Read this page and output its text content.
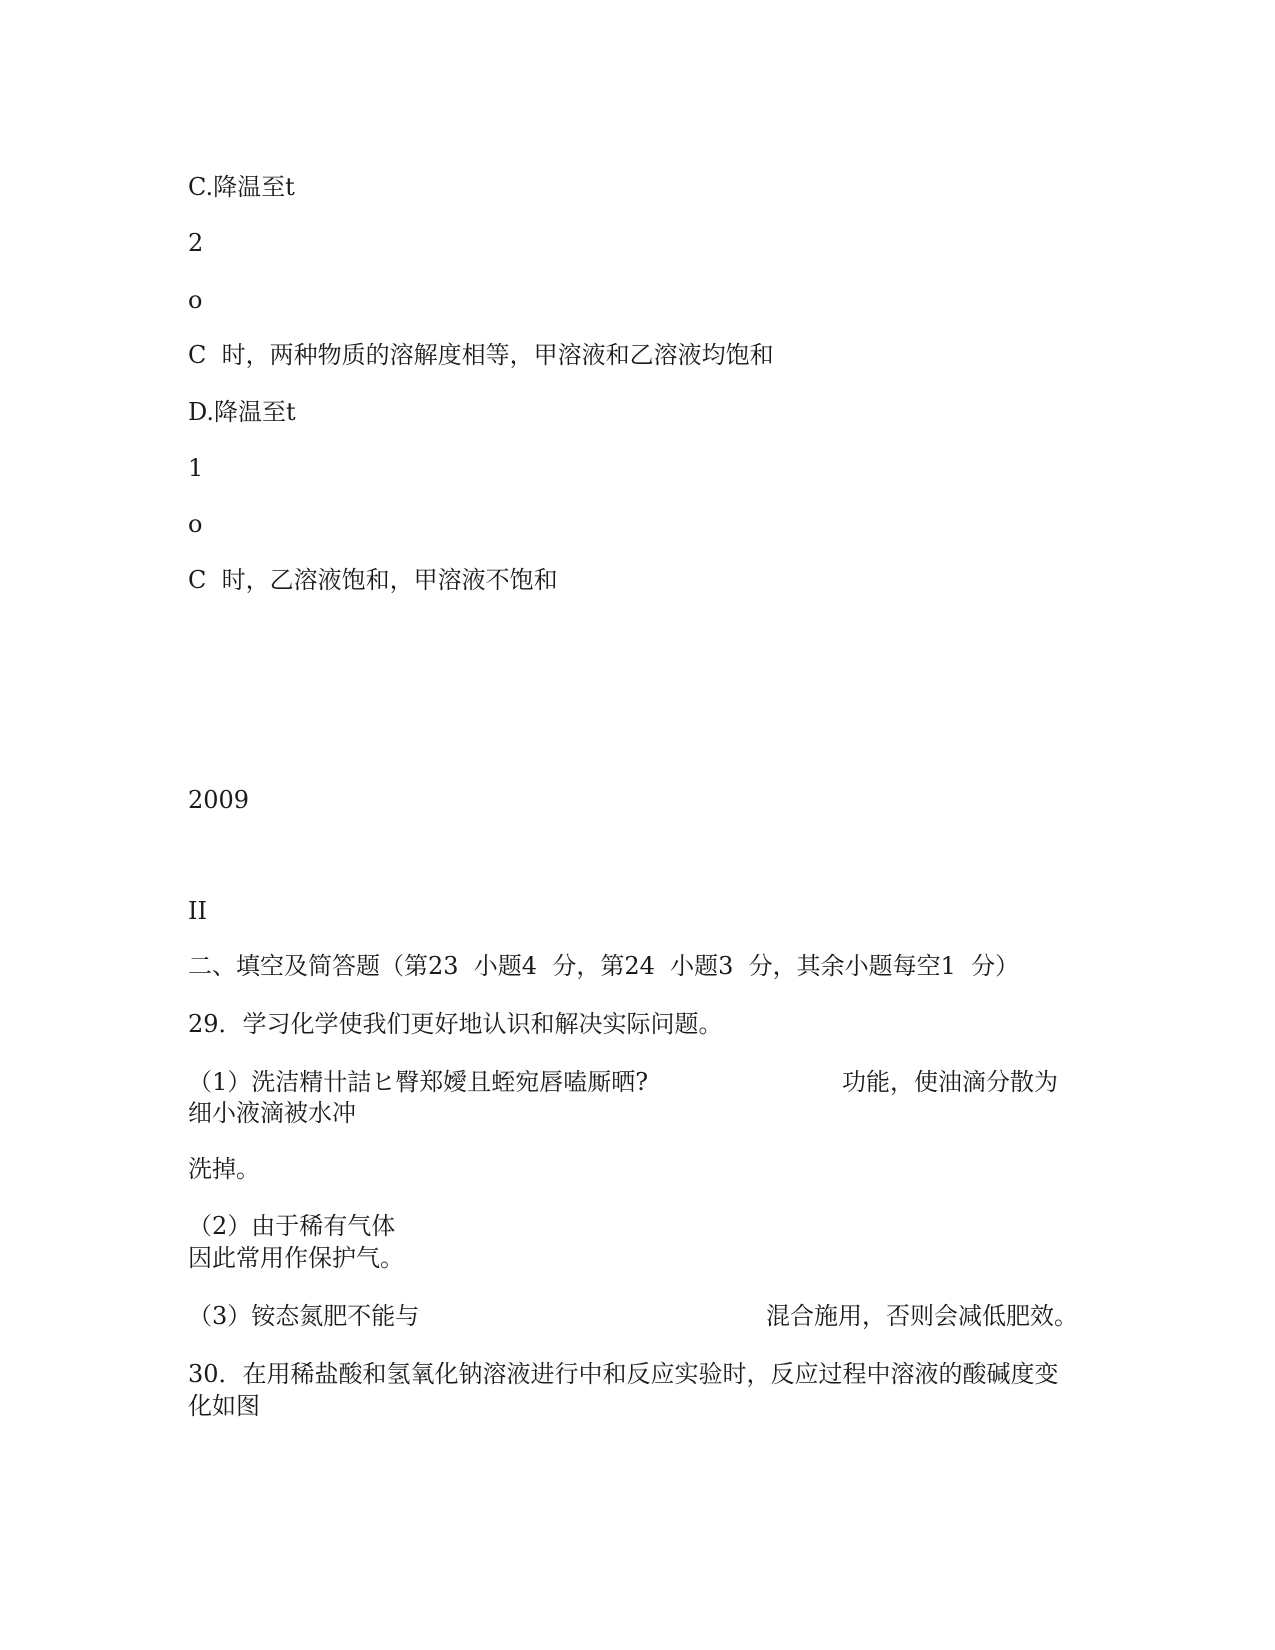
C.降温至t
2
o
C  时，两种物质的溶解度相等，甲溶液和乙溶液均饱和
D.降温至t
1
o
C  时，乙溶液饱和，甲溶液不饱和
2009
II
二、填空及简答题（第23  小题4  分，第24  小题3  分，其余小题每空1  分）
29．学习化学使我们更好地认识和解决实际问题。
（1）洗洁精卄詰ヒ臀郑嬡且蛭宛唇嗑厮晒?	功能，使油滴分散为
细小液滴被水冲
洗掉。
（2）由于稀有气体
因此常用作保护气。
（3）铵态氮肥不能与	混合施用，否则会减低肥效。
30．在用稀盐酸和氢氧化钠溶液进行中和反应实验时，反应过程中溶液的酸碱度变
化如图
